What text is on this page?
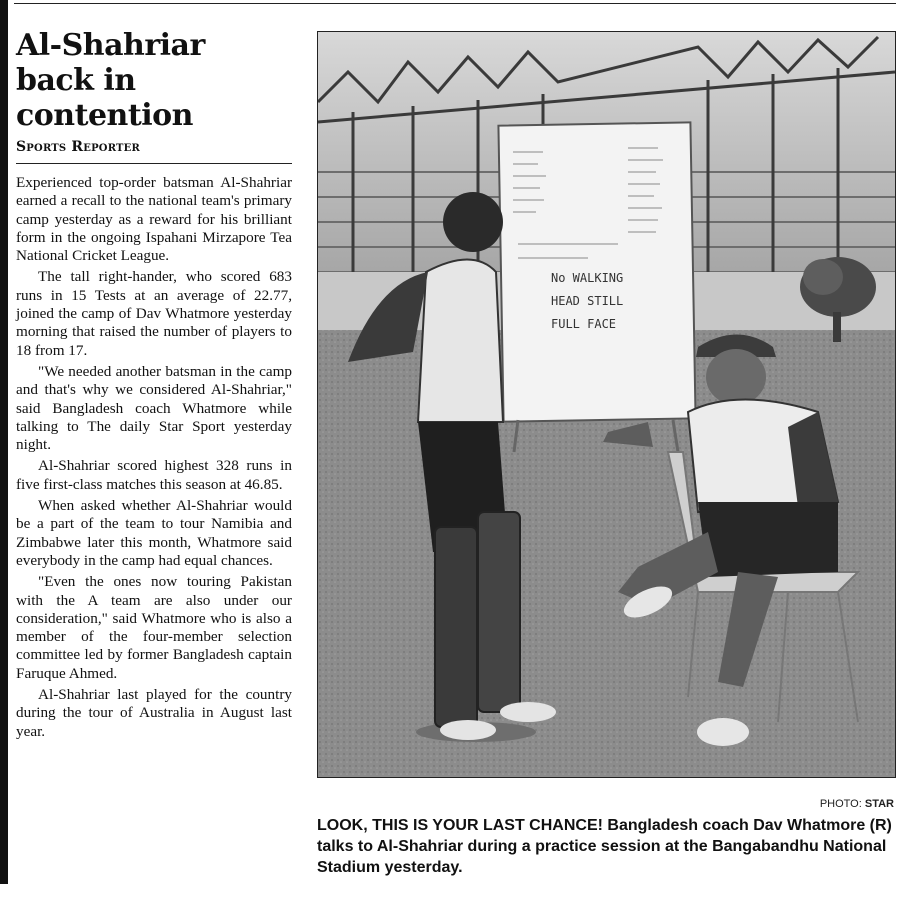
Al-Shahriar back in contention
Sports Reporter

Experienced top-order batsman Al-Shahriar earned a recall to the national team's primary camp yesterday as a reward for his brilliant form in the ongoing Ispahani Mirzapore Tea National Cricket League.

The tall right-hander, who scored 683 runs in 15 Tests at an average of 22.77, joined the camp of Dav Whatmore yesterday morning that raised the number of players to 18 from 17.

"We needed another batsman in the camp and that's why we considered Al-Shahriar," said Bangladesh coach Whatmore while talking to The daily Star Sport yesterday night.

Al-Shahriar scored highest 328 runs in five first-class matches this season at 46.85.

When asked whether Al-Shahriar would be a part of the team to tour Namibia and Zimbabwe later this month, Whatmore said everybody in the camp had equal chances.

"Even the ones now touring Pakistan with the A team are also under our consideration," said Whatmore who is also a member of the four-member selection committee led by former Bangladesh captain Faruque Ahmed.

Al-Shahriar last played for the country during the tour of Australia in August last year.

No WALKING
HEAD STILL
FULL FACE
PHOTO: STAR
LOOK, THIS IS YOUR LAST CHANCE! Bangladesh coach Dav Whatmore (R) talks to Al-Shahriar during a practice session at the Bangabandhu National Stadium yesterday.
